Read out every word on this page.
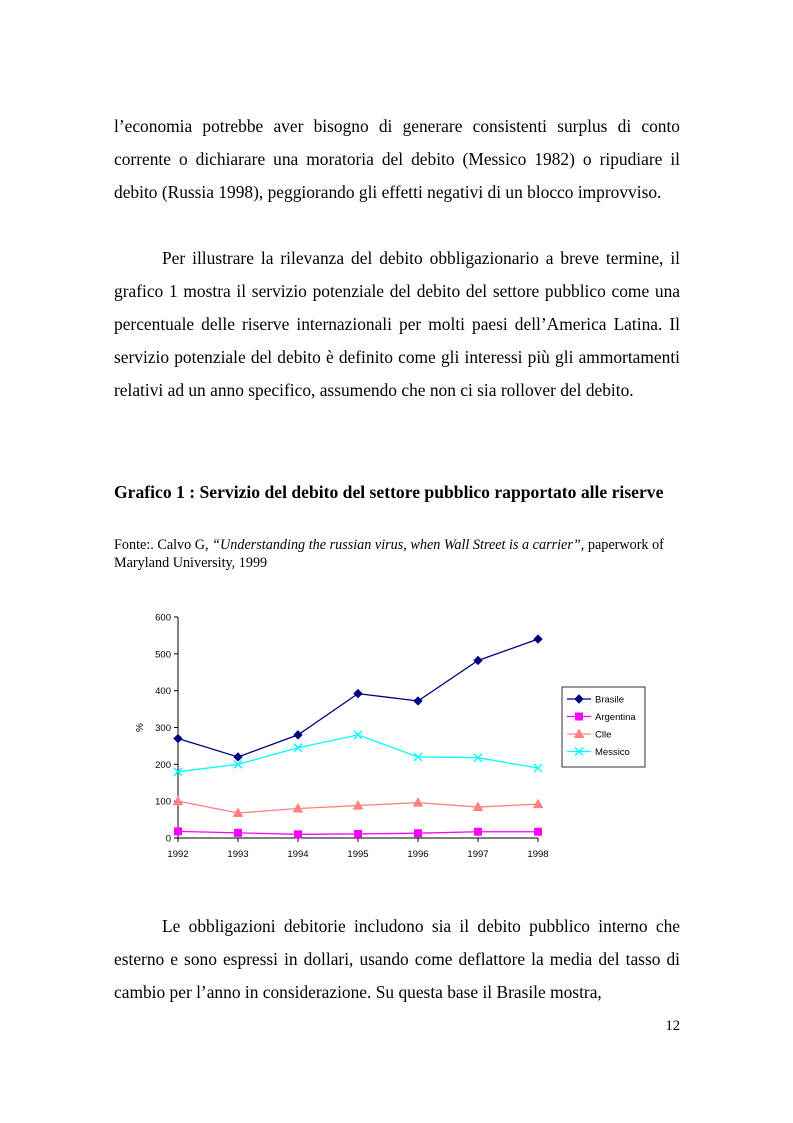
l’economia potrebbe aver bisogno di generare consistenti surplus di conto corrente o dichiarare una moratoria del debito (Messico 1982) o ripudiare il debito (Russia 1998), peggiorando gli effetti negativi di un blocco improvviso.

Per illustrare la rilevanza del debito obbligazionario a breve termine, il grafico 1 mostra il servizio potenziale del debito del settore pubblico come una percentuale delle riserve internazionali per molti paesi dell’America Latina. Il servizio potenziale del debito è definito come gli interessi più gli ammortamenti relativi ad un anno specifico, assumendo che non ci sia rollover del debito.

Grafico 1 : Servizio del debito del settore pubblico rapportato alle riserve

Fonte:. Calvo G, “Understanding the russian virus, when Wall Street is a carrier”, paperwork of Maryland University, 1999

0
100
200
300
400
500
600
1992	1993	1994	1995	1996	1997	1998
%
Brasile
Argentina
Clle
Messico

Le obbligazioni debitorie includono sia il debito pubblico interno che esterno e sono espressi in dollari, usando come deflattore la media del tasso di cambio per l’anno in considerazione. Su questa base il Brasile mostra,

12
